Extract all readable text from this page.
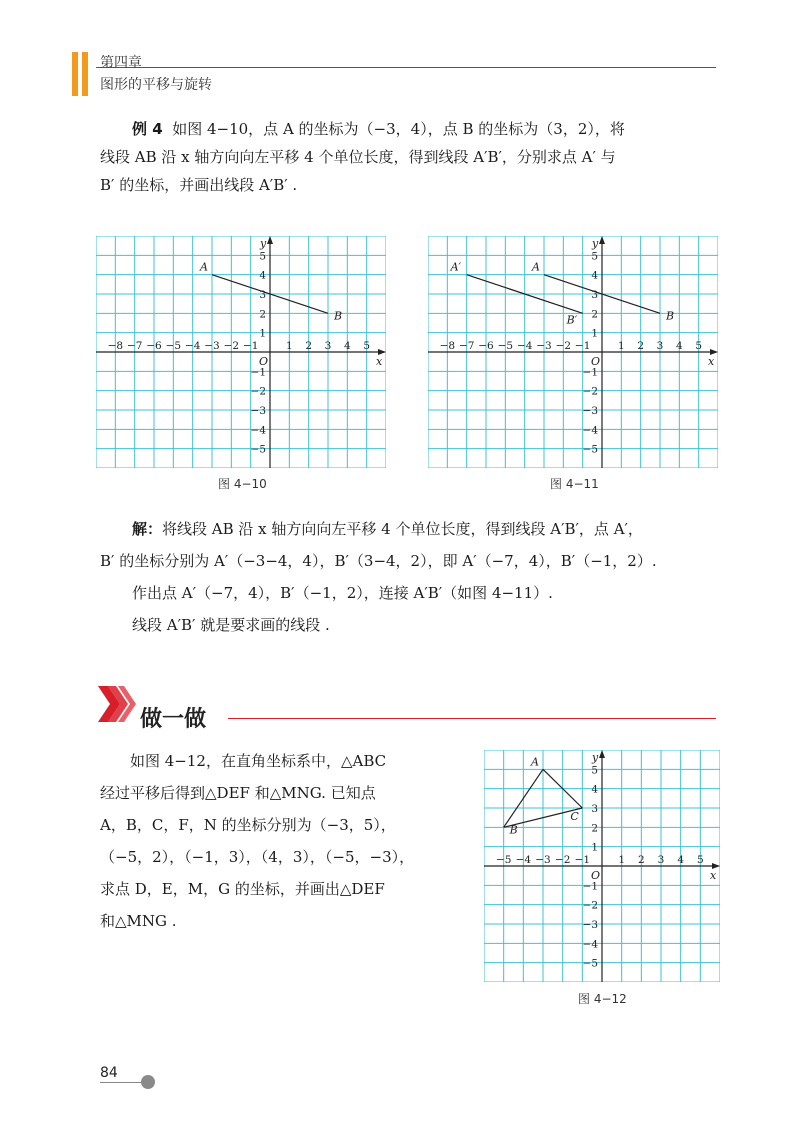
第四章
图形的平移与旋转
例 4 如图 4−10，点 A 的坐标为（−3，4），点 B 的坐标为（3，2），将
线段 AB 沿 x 轴方向向左平移 4 个单位长度，得到线段 A′B′，分别求点 A′ 与
B′ 的坐标，并画出线段 A′B′ .
x
y
O
−8 −7 −6 −5 −4 −3 −2 −1	1 2 3 4 5
5
4
3
2
1
−1
−2
−3
−4
−5
A
B
图 4−10
x
y
O
−8 −7 −6 −5 −4 −3 −2 −1	1 2 3 4 5
5
4
3
2
1
−1
−2
−3
−4
−5
A
B
A′
B′
图 4−11
解：将线段 AB 沿 x 轴方向向左平移 4 个单位长度，得到线段 A′B′，点 A′，
B′ 的坐标分别为 A′（−3−4，4），B′（3−4，2），即 A′（−7，4），B′（−1，2）.
作出点 A′（−7，4），B′（−1，2），连接 A′B′（如图 4−11）.
线段 A′B′ 就是要求画的线段 .
做一做
如图 4−12，在直角坐标系中，△ABC
经过平移后得到△DEF 和△MNG. 已知点
A，B，C，F，N 的坐标分别为（−3，5），
（−5，2），（−1，3），（4，3），（−5，−3），
求点 D，E，M，G 的坐标，并画出△DEF
和△MNG .
x
y
O
−5 −4 −3 −2 −1	1 2 3 4 5
5
4
3
2
1
−1
−2
−3
−4
−5
A
B
C
图 4−12
84
